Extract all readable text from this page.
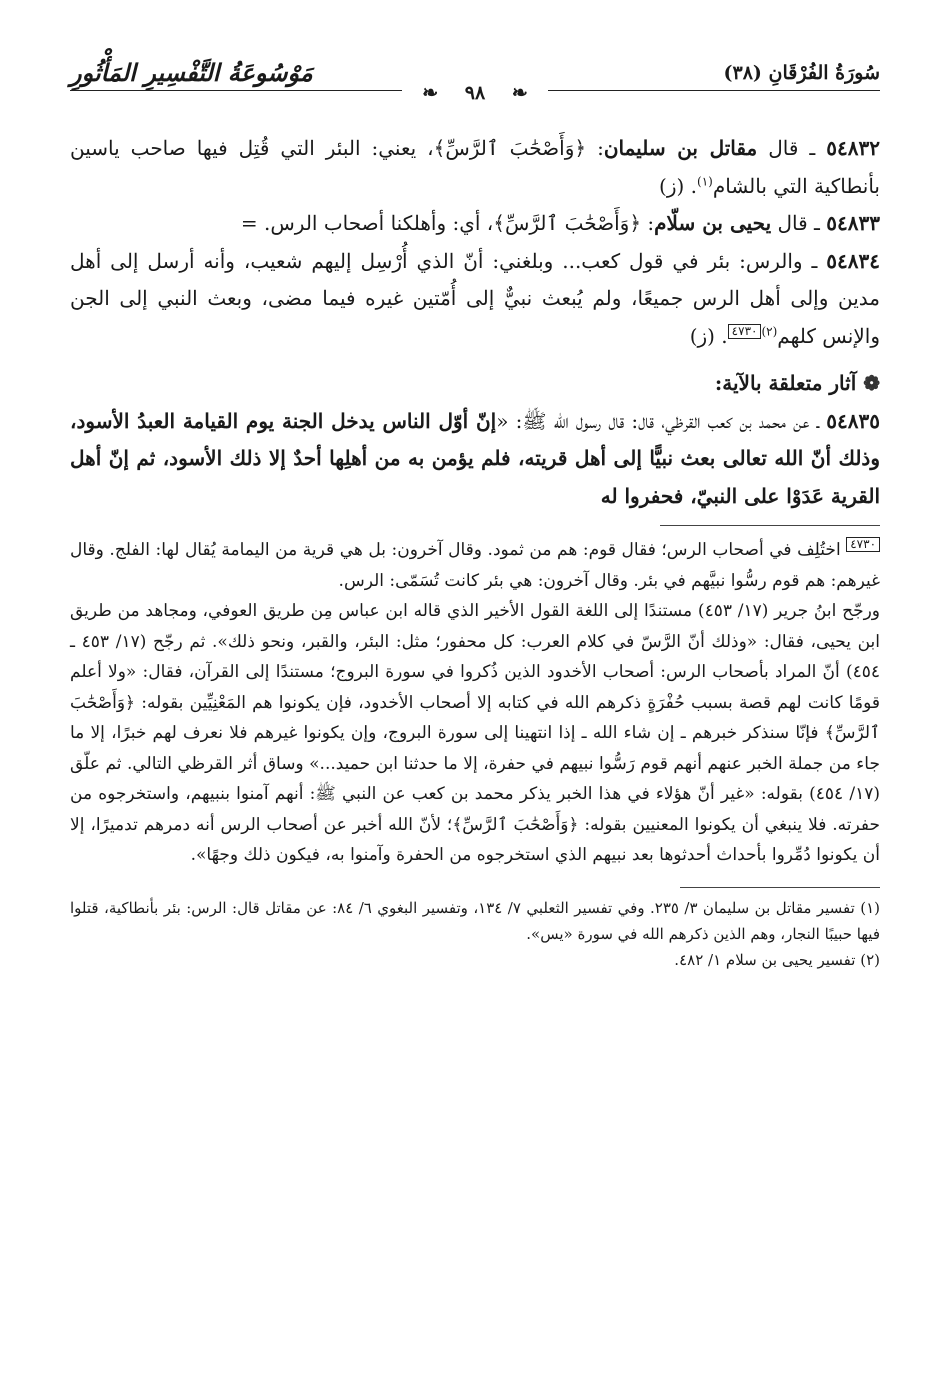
سُورَةُ الفُرْقَانِ (٣٨)
مَوْسُوعَةُ التَّفْسِيرِ المَأْثُورِ
❧ ٩٨ ❧

٥٤٨٣٢ ـ قال مقاتل بن سليمان: ﴿وَأَصْحَٰبَ ٱلرَّسِّ﴾، يعني: البئر التي قُتِل فيها صاحب ياسين بأنطاكية التي بالشام$^{(١)}$. (ز)

٥٤٨٣٣ ـ قال يحيى بن سلّام: ﴿وَأَصْحَٰبَ ٱلرَّسِّ﴾، أي: وأهلكنا أصحاب الرس. =

٥٤٨٣٤ ـ والرس: بئر في قول كعب... وبلغني: أنّ الذي أُرْسِل إليهم شعيب، وأنه أرسل إلى أهل مدين وإلى أهل الرس جميعًا، ولم يُبعث نبيٌّ إلى أُمّتين غيره فيما مضى، وبعث النبي إلى الجن والإنس كلهم$^{(٢)}$٤٧٣٠. (ز)

❁ آثار متعلقة بالآية:

٥٤٨٣٥ ـ عن محمد بن كعب القرظي، قال: قال رسول الله ﷺ: «إنّ أوّل الناس يدخل الجنة يوم القيامة العبدُ الأسود، وذلك أنّ الله تعالى بعث نبيًّا إلى أهل قريته، فلم يؤمن به من أهلِها أحدٌ إلا ذلك الأسود، ثم إنّ أهل القرية عَدَوْا على النبيّ، فحفروا له

٤٧٣٠ اختُلِف في أصحاب الرس؛ فقال قوم: هم من ثمود. وقال آخرون: بل هي قرية من اليمامة يُقال لها: الفلج. وقال غيرهم: هم قوم رسُّوا نبيَّهم في بئر. وقال آخرون: هي بئر كانت تُسَمّى: الرس.

ورجّح ابنُ جرير (١٧/ ٤٥٣) مستندًا إلى اللغة القول الأخير الذي قاله ابن عباس مِن طريق العوفي، ومجاهد من طريق ابن يحيى، فقال: «وذلك أنّ الرَّسّ في كلام العرب: كل محفور؛ مثل: البئر، والقبر، ونحو ذلك». ثم رجّح (١٧/ ٤٥٣ ـ ٤٥٤) أنّ المراد بأصحاب الرس: أصحاب الأخدود الذين ذُكروا في سورة البروج؛ مستندًا إلى القرآن، فقال: «ولا أعلم قومًا كانت لهم قصة بسبب حُفْرَةٍ ذكرهم الله في كتابه إلا أصحاب الأخدود، فإن يكونوا هم المَعْنِيِّين بقوله: ﴿وَأَصْحَٰبَ ٱلرَّسِّ﴾ فإنّا سنذكر خبرهم ـ إن شاء الله ـ إذا انتهينا إلى سورة البروج، وإن يكونوا غيرهم فلا نعرف لهم خبرًا، إلا ما جاء من جملة الخبر عنهم أنهم قوم رَسُّوا نبيهم في حفرة، إلا ما حدثنا ابن حميد...» وساق أثر القرظي التالي. ثم علّق (١٧/ ٤٥٤) بقوله: «غير أنّ هؤلاء في هذا الخبر يذكر محمد بن كعب عن النبي ﷺ: أنهم آمنوا بنبيهم، واستخرجوه من حفرته. فلا ينبغي أن يكونوا المعنيين بقوله: ﴿وَأَصْحَٰبَ ٱلرَّسِّ﴾؛ لأنّ الله أخبر عن أصحاب الرس أنه دمرهم تدميرًا، إلا أن يكونوا دُمِّروا بأحداث أحدثوها بعد نبيهم الذي استخرجوه من الحفرة وآمنوا به، فيكون ذلك وجهًا».

(١) تفسير مقاتل بن سليمان ٣/ ٢٣٥. وفي تفسير الثعلبي ٧/ ١٣٤، وتفسير البغوي ٦/ ٨٤: عن مقاتل قال: الرس: بئر بأنطاكية، قتلوا فيها حبيبًا النجار، وهم الذين ذكرهم الله في سورة «يس».

(٢) تفسير يحيى بن سلام ١/ ٤٨٢.
